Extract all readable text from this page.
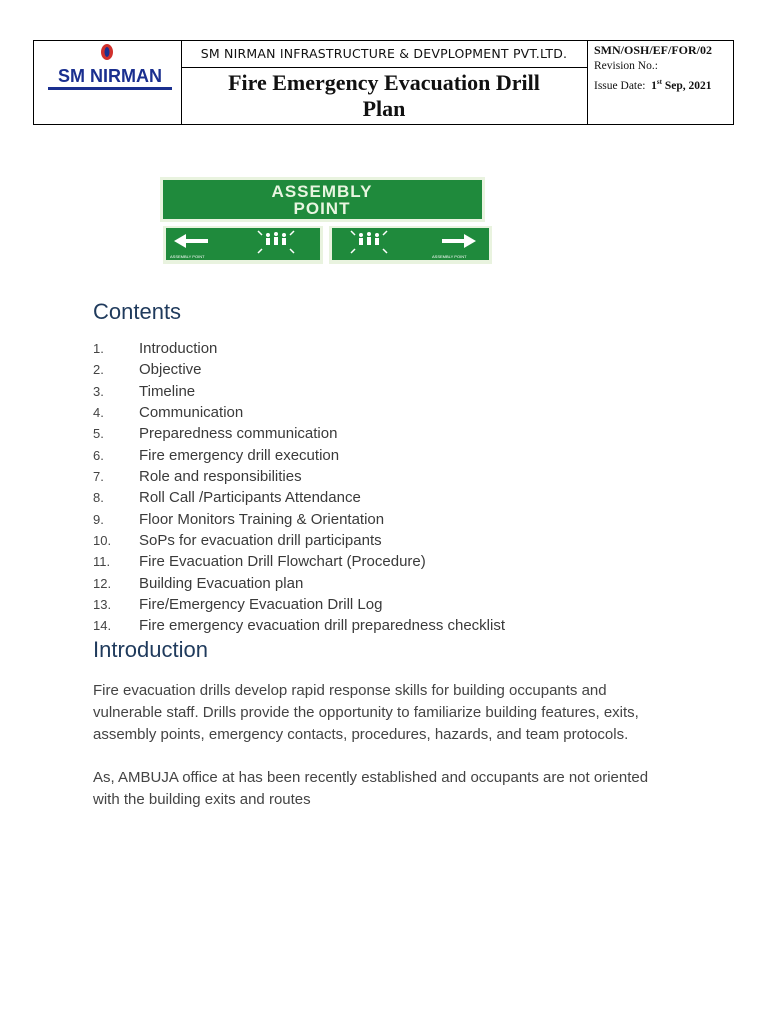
SM NIRMAN
SM NIRMAN INFRASTRUCTURE & DEVPLOPMENT PVT.LTD.
Fire Emergency Evacuation Drill
Plan
SMN/OSH/EF/FOR/02
Revision No.:
Issue Date: 1st Sep, 2021
ASSEMBLY
POINT
ASSEMBLY POINT	ASSEMBLY POINT
Contents
1. Introduction
2. Objective
3. Timeline
4. Communication
5. Preparedness communication
6. Fire emergency drill execution
7. Role and responsibilities
8. Roll Call /Participants Attendance
9. Floor Monitors Training & Orientation
10. SoPs for evacuation drill participants
11. Fire Evacuation Drill Flowchart (Procedure)
12. Building Evacuation plan
13. Fire/Emergency Evacuation Drill Log
14. Fire emergency evacuation drill preparedness checklist
Introduction
Fire evacuation drills develop rapid response skills for building occupants and
vulnerable staff. Drills provide the opportunity to familiarize building features, exits,
assembly points, emergency contacts, procedures, hazards, and team protocols.
As, AMBUJA office at has been recently established and occupants are not oriented
with the building exits and routes
